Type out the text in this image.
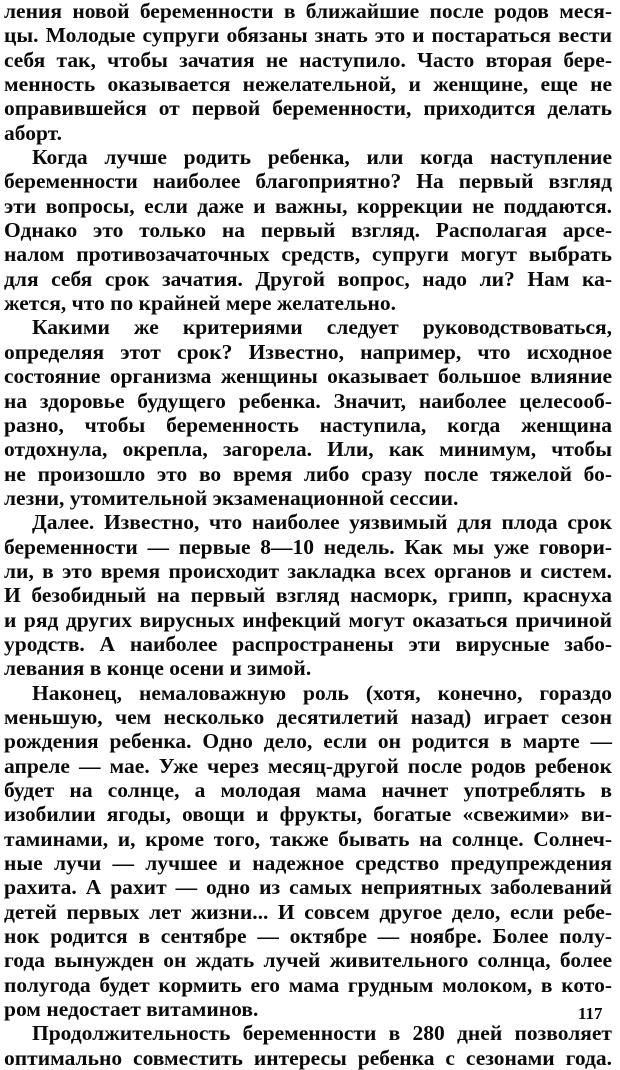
ления новой беременности в ближайшие после родов меся-
цы. Молодые супруги обязаны знать это и постараться вести
себя так, чтобы зачатия не наступило. Часто вторая бере-
менность оказывается нежелательной, и женщине, еще не
оправившейся от первой беременности, приходится делать
аборт.
Когда лучше родить ребенка, или когда наступление
беременности наиболее благоприятно? На первый взгляд
эти вопросы, если даже и важны, коррекции не поддаются.
Однако это только на первый взгляд. Располагая арсе-
налом противозачаточных средств, супруги могут выбрать
для себя срок зачатия. Другой вопрос, надо ли? Нам ка-
жется, что по крайней мере желательно.
Какими же критериями следует руководствоваться,
определяя этот срок? Известно, например, что исходное
состояние организма женщины оказывает большое влияние
на здоровье будущего ребенка. Значит, наиболее целесооб-
разно, чтобы беременность наступила, когда женщина
отдохнула, окрепла, загорела. Или, как минимум, чтобы
не произошло это во время либо сразу после тяжелой бо-
лезни, утомительной экзаменационной сессии.
Далее. Известно, что наиболее уязвимый для плода срок
беременности — первые 8—10 недель. Как мы уже говори-
ли, в это время происходит закладка всех органов и систем.
И безобидный на первый взгляд насморк, грипп, краснуха
и ряд других вирусных инфекций могут оказаться причиной
уродств. А наиболее распространены эти вирусные забо-
левания в конце осени и зимой.
Наконец, немаловажную роль (хотя, конечно, гораздо
меньшую, чем несколько десятилетий назад) играет сезон
рождения ребенка. Одно дело, если он родится в марте —
апреле — мае. Уже через месяц-другой после родов ребенок
будет на солнце, а молодая мама начнет употреблять в
изобилии ягоды, овощи и фрукты, богатые «свежими» ви-
таминами, и, кроме того, также бывать на солнце. Солнеч-
ные лучи — лучшее и надежное средство предупреждения
рахита. А рахит — одно из самых неприятных заболеваний
детей первых лет жизни... И совсем другое дело, если ребе-
нок родится в сентябре — октябре — ноябре. Более полу-
года вынужден он ждать лучей живительного солнца, более
полугода будет кормить его мама грудным молоком, в кото-
ром недостает витаминов.
Продолжительность беременности в 280 дней позволяет
оптимально совместить интересы ребенка с сезонами года.
117
